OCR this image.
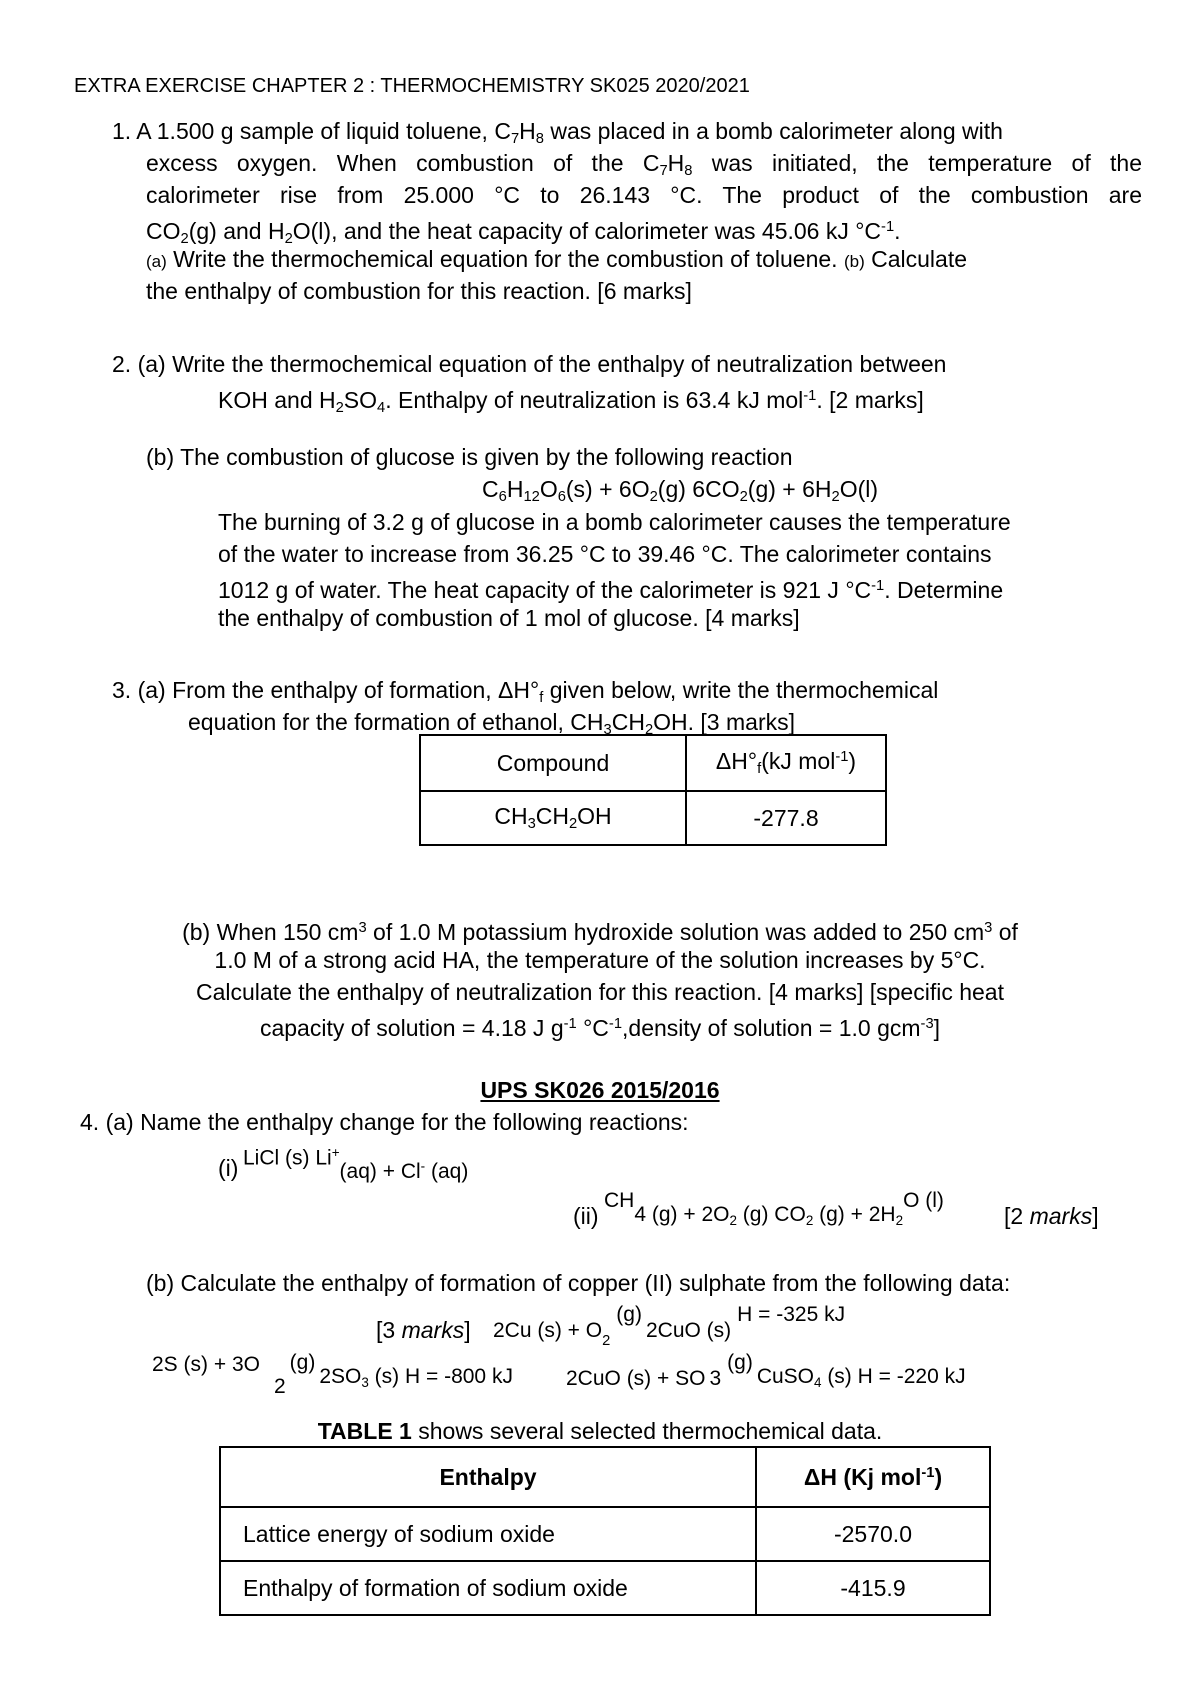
EXTRA EXERCISE CHAPTER 2 : THERMOCHEMISTRY SK025 2020/2021
1. A 1.500 g sample of liquid toluene, $C_7H_8$ was placed in a bomb calorimeter along with
excess oxygen. When combustion of the $C_7H_8$ was initiated, the temperature of the
calorimeter rise from 25.000 °C to 26.143 °C. The product of the combustion are
$CO_2(g)$ and $H_2O(l)$, and the heat capacity of calorimeter was 45.06 kJ $^\circ C^{-1}$.
(a) Write the thermochemical equation for the combustion of toluene. (b) Calculate
the enthalpy of combustion for this reaction. [6 marks]
2. (a) Write the thermochemical equation of the enthalpy of neutralization between
KOH and $H_2SO_4$. Enthalpy of neutralization is 63.4 kJ mol$^{-1}$. [2 marks]
(b) The combustion of glucose is given by the following reaction
$C_6H_{12}O_6(s) + 6O_2(g) 6CO_2(g) + 6H_2O(l)$
The burning of 3.2 g of glucose in a bomb calorimeter causes the temperature
of the water to increase from 36.25 °C to 39.46 °C. The calorimeter contains
1012 g of water. The heat capacity of the calorimeter is 921 J $^\circ C^{-1}$. Determine
the enthalpy of combustion of 1 mol of glucose. [4 marks]
3. (a) From the enthalpy of formation, $\Delta H^\circ_f$ given below, write the thermochemical
equation for the formation of ethanol, $CH_3CH_2OH$. [3 marks]
Compound	$\Delta H^\circ_f(kJ$ mol$^{-1}$)
$CH_3CH_2OH$	-277.8
(b) When 150 $cm^3$ of 1.0 M potassium hydroxide solution was added to 250 $cm^3$ of
1.0 M of a strong acid HA, the temperature of the solution increases by 5°C.
Calculate the enthalpy of neutralization for this reaction. [4 marks] [specific heat
capacity of solution = 4.18 J $g^{-1}$ $^\circ C^{-1},density$ of solution = 1.0 gcm$^{-3}$]
UPS SK026 2015/2016
4. (a) Name the enthalpy change for the following reactions:
(i) LiCl (s) Li+(aq) + Cl- (aq)
(ii)
CH4 $(g) + 2O_2$ (g) $CO_2$ $(g) + 2H_2O$ (l)
[2 marks]
(b) Calculate the enthalpy of formation of copper (II) sulphate from the following data:
[3 marks] 2Cu $(s) + O_2(g)2CuO$ (s)H = -325 kJ
2S $(s) + 3O2(g)2SO_3$ (s) H = -800 kJ	2CuO (s) + SO 3(g)CuSO$_4$ (s) H = -220 kJ
TABLE 1 shows several selected thermochemical data.
Enthalpy	ΔH (Kj mol$^{-1}$)
Lattice energy of sodium oxide	-2570.0
Enthalpy of formation of sodium oxide	-415.9
